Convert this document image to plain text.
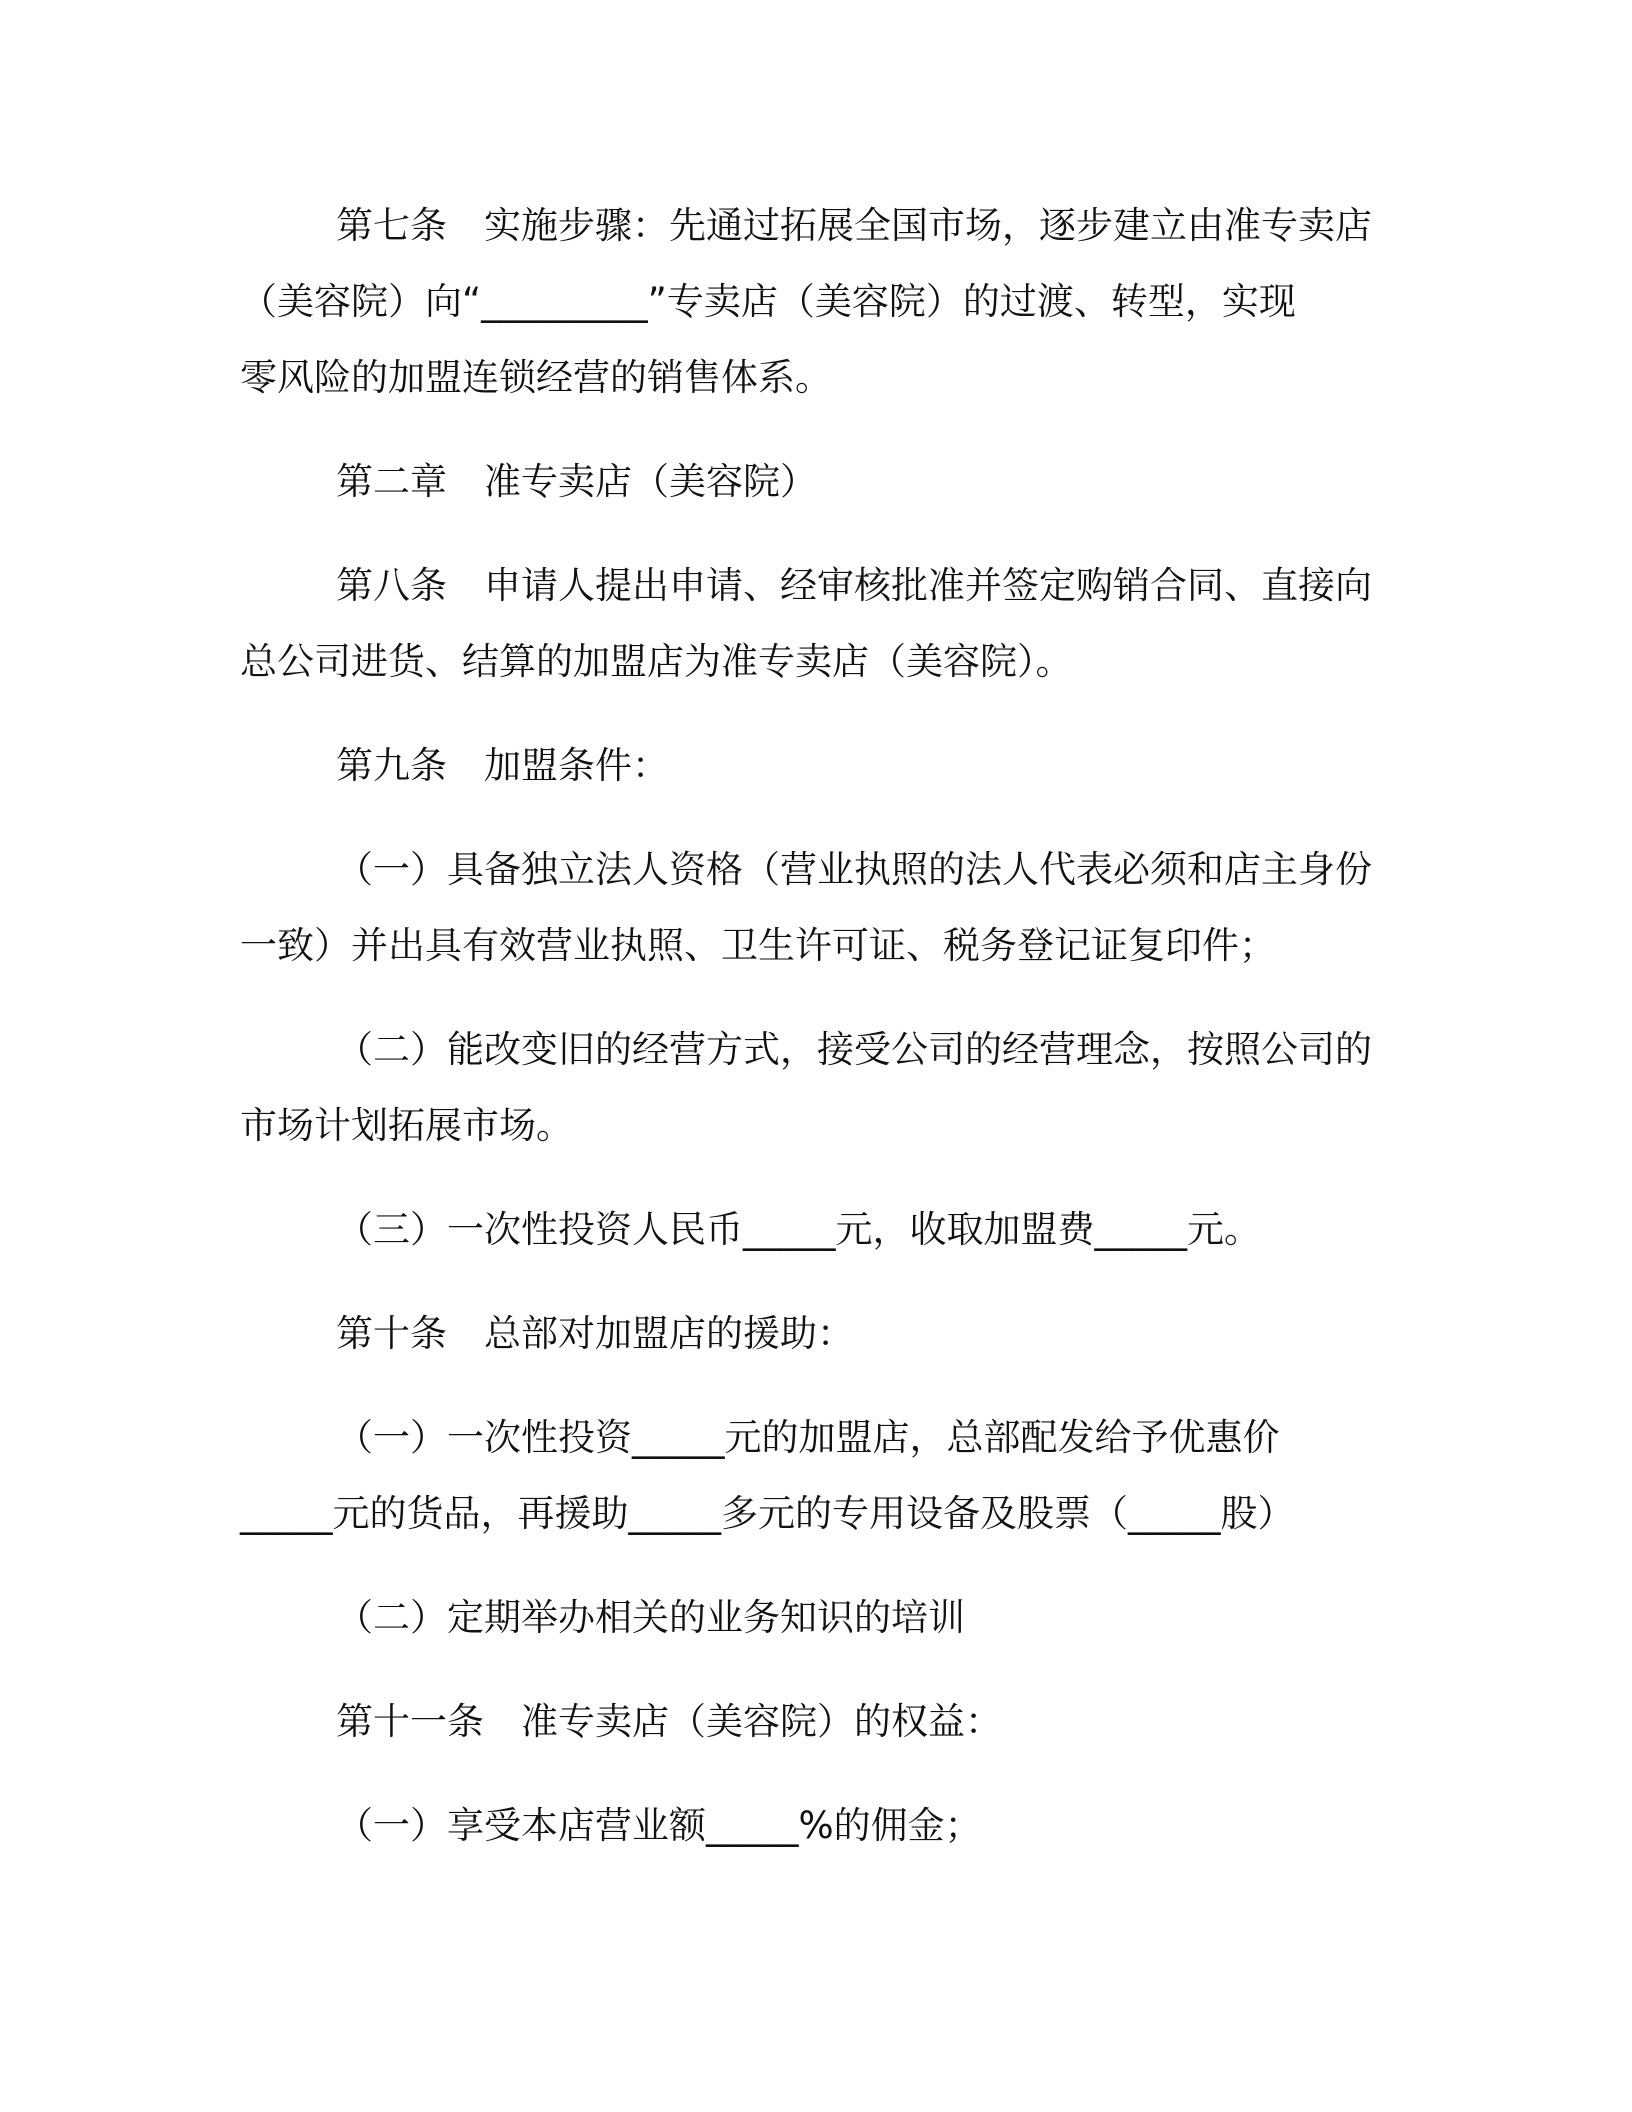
第七条　实施步骤：先通过拓展全国市场，逐步建立由准专卖店
（美容院）向“_________”专卖店（美容院）的过渡、转型，实现
零风险的加盟连锁经营的销售体系。

第二章　准专卖店（美容院）

第八条　申请人提出申请、经审核批准并签定购销合同、直接向
总公司进货、结算的加盟店为准专卖店（美容院）。

第九条　加盟条件：

（一）具备独立法人资格（营业执照的法人代表必须和店主身份
一致）并出具有效营业执照、卫生许可证、税务登记证复印件；

（二）能改变旧的经营方式，接受公司的经营理念，按照公司的
市场计划拓展市场。

（三）一次性投资人民币_____元，收取加盟费_____元。

第十条　总部对加盟店的援助：

（一）一次性投资_____元的加盟店，总部配发给予优惠价
_____元的货品，再援助_____多元的专用设备及股票（_____股）

（二）定期举办相关的业务知识的培训

第十一条　准专卖店（美容院）的权益：

（一）享受本店营业额_____%的佣金；
